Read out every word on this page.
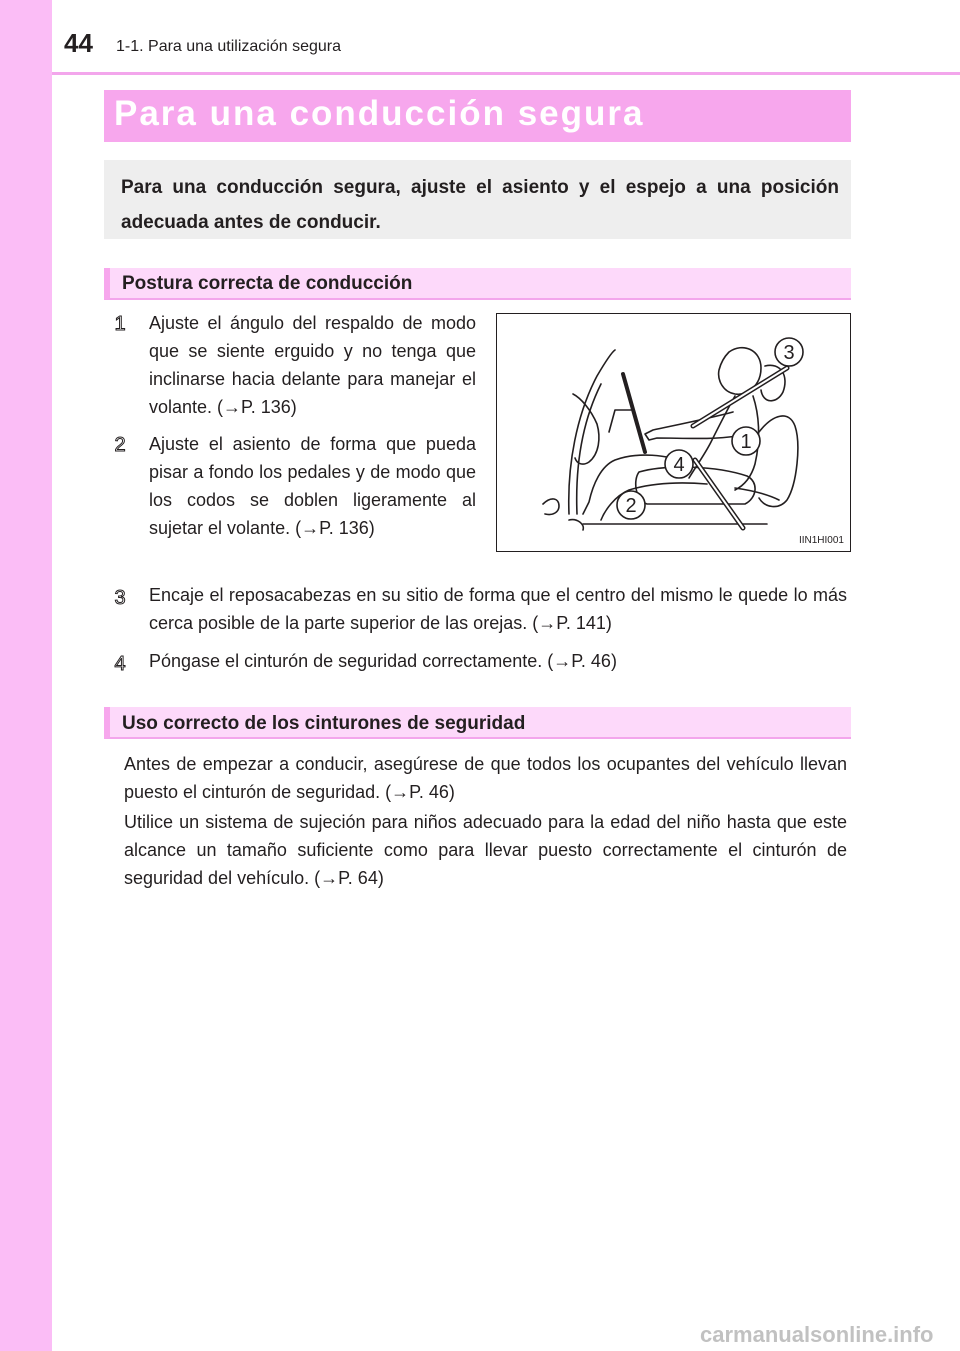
44 1-1. Para una utilización segura
Para una conducción segura
Para una conducción segura, ajuste el asiento y el espejo a una posición adecuada antes de conducir.
Postura correcta de conducción
1 Ajuste el ángulo del respaldo de modo que se siente erguido y no tenga que inclinarse hacia delante para manejar el volante. (→P. 136)

2 Ajuste el asiento de forma que pueda pisar a fondo los pedales y de modo que los codos se doblen ligeramente al sujetar el volante. (→P. 136)

3
1
4
2
IIN1HI001
3 Encaje el reposacabezas en su sitio de forma que el centro del mismo le quede lo más cerca posible de la parte superior de las orejas. (→P. 141)

4 Póngase el cinturón de seguridad correctamente. (→P. 46)

Uso correcto de los cinturones de seguridad

Antes de empezar a conducir, asegúrese de que todos los ocupantes del vehículo llevan puesto el cinturón de seguridad. (→P. 46)

Utilice un sistema de sujeción para niños adecuado para la edad del niño hasta que este alcance un tamaño suficiente como para llevar puesto correctamente el cinturón de seguridad del vehículo. (→P. 64)

carmanualsonline.info
